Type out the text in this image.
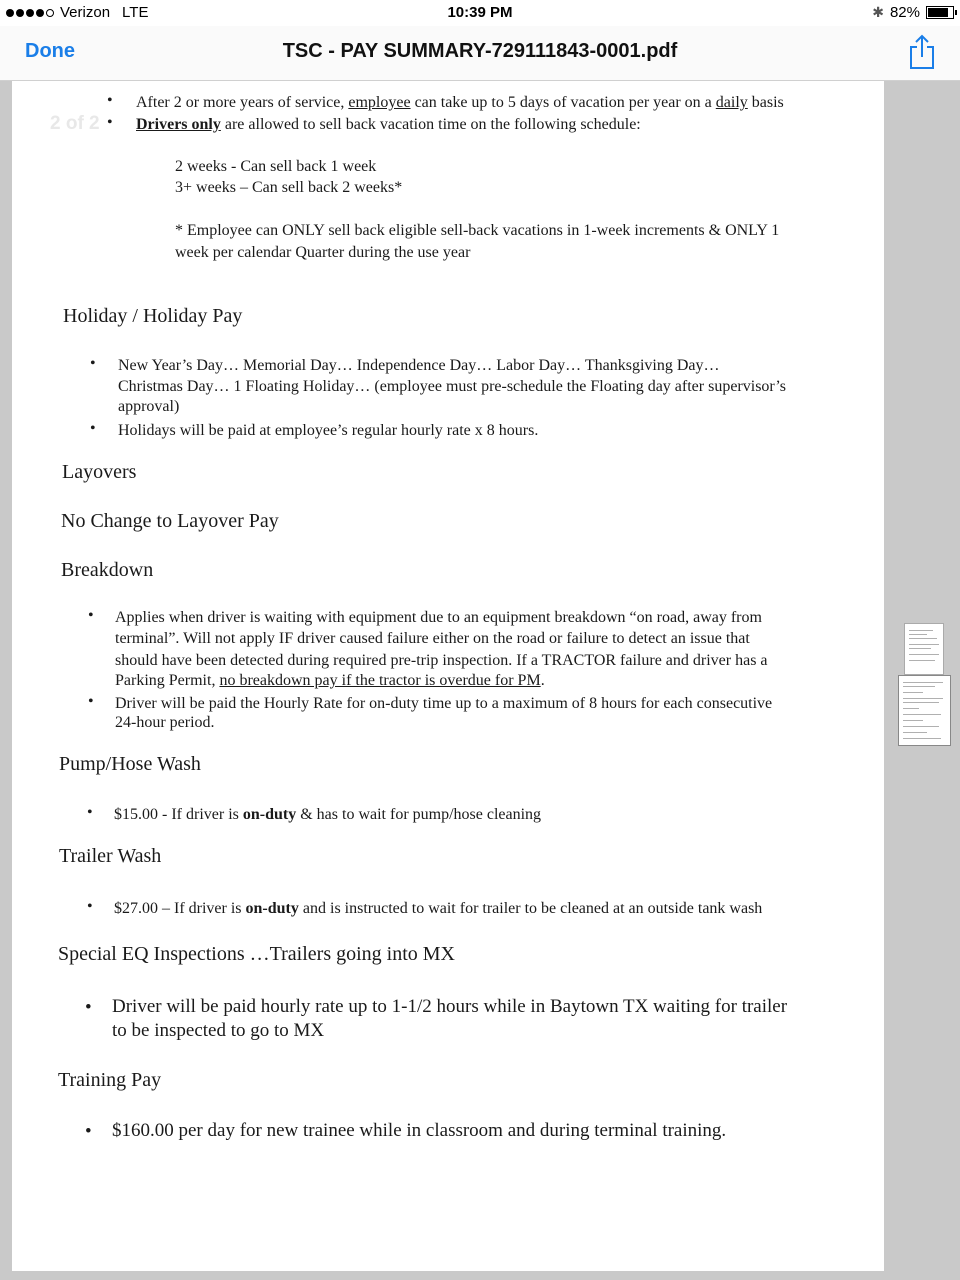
Verizon LTE	10:39 PM	✱ 82%
Done	TSC - PAY SUMMARY-729111843-0001.pdf
2 of 2
• After 2 or more years of service, employee can take up to 5 days of vacation per year on a daily basis
• Drivers only are allowed to sell back vacation time on the following schedule:
2 weeks - Can sell back 1 week
3+ weeks – Can sell back 2 weeks*
* Employee can ONLY sell back eligible sell-back vacations in 1-week increments & ONLY 1
week per calendar Quarter during the use year
Holiday / Holiday Pay
• New Year’s Day… Memorial Day… Independence Day… Labor Day… Thanksgiving Day…
Christmas Day… 1 Floating Holiday… (employee must pre-schedule the Floating day after supervisor’s
approval)
• Holidays will be paid at employee’s regular hourly rate x 8 hours.
Layovers
No Change to Layover Pay
Breakdown
• Applies when driver is waiting with equipment due to an equipment breakdown “on road, away from
terminal”. Will not apply IF driver caused failure either on the road or failure to detect an issue that
should have been detected during required pre-trip inspection. If a TRACTOR failure and driver has a
Parking Permit, no breakdown pay if the tractor is overdue for PM.
• Driver will be paid the Hourly Rate for on-duty time up to a maximum of 8 hours for each consecutive
24-hour period.
Pump/Hose Wash
• $15.00 - If driver is on-duty & has to wait for pump/hose cleaning
Trailer Wash
• $27.00 – If driver is on-duty and is instructed to wait for trailer to be cleaned at an outside tank wash
Special EQ Inspections …Trailers going into MX
• Driver will be paid hourly rate up to 1-1/2 hours while in Baytown TX waiting for trailer
to be inspected to go to MX
Training Pay
• $160.00 per day for new trainee while in classroom and during terminal training.
